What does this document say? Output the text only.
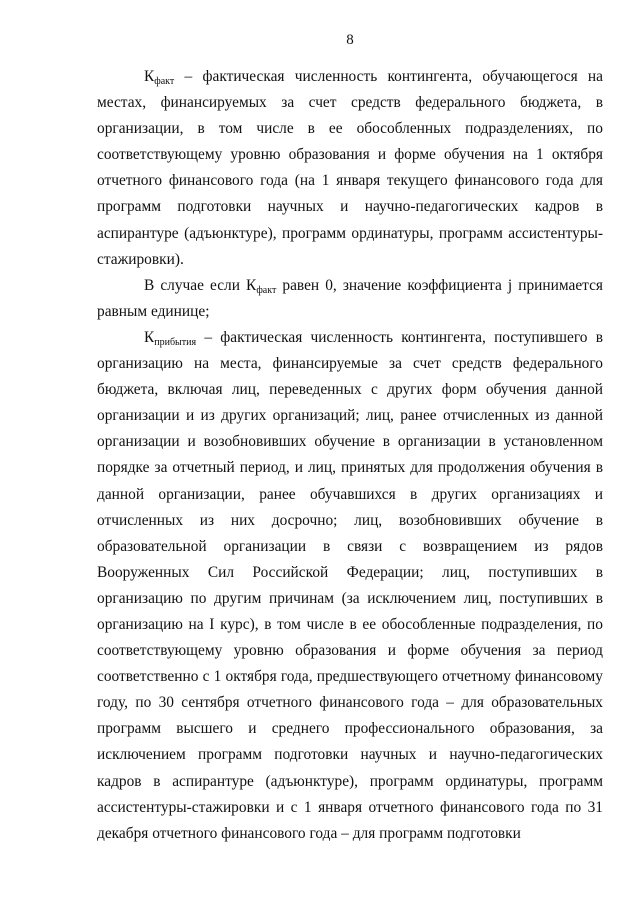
8

$К_{факт}$ – фактическая численность контингента, обучающегося на местах, финансируемых за счет средств федерального бюджета, в организации, в том числе в ее обособленных подразделениях, по соответствующему уровню образования и форме обучения на 1 октября отчетного финансового года (на 1 января текущего финансового года для программ подготовки научных и научно-педагогических кадров в аспирантуре (адъюнктуре), программ ординатуры, программ ассистентуры-стажировки).

В случае если $К_{факт}$ равен 0, значение коэффициента j принимается равным единице;

$К_{прибытия}$ – фактическая численность контингента, поступившего в организацию на места, финансируемые за счет средств федерального бюджета, включая лиц, переведенных с других форм обучения данной организации и из других организаций; лиц, ранее отчисленных из данной организации и возобновивших обучение в организации в установленном порядке за отчетный период, и лиц, принятых для продолжения обучения в данной организации, ранее обучавшихся в других организациях и отчисленных из них досрочно; лиц, возобновивших обучение в образовательной организации в связи с возвращением из рядов Вооруженных Сил Российской Федерации; лиц, поступивших в организацию по другим причинам (за исключением лиц, поступивших в организацию на I курс), в том числе в ее обособленные подразделения, по соответствующему уровню образования и форме обучения за период соответственно с 1 октября года, предшествующего отчетному финансовому году, по 30 сентября отчетного финансового года – для образовательных программ высшего и среднего профессионального образования, за исключением программ подготовки научных и научно-педагогических кадров в аспирантуре (адъюнктуре), программ ординатуры, программ ассистентуры-стажировки и с 1 января отчетного финансового года по 31 декабря отчетного финансового года – для программ подготовки
